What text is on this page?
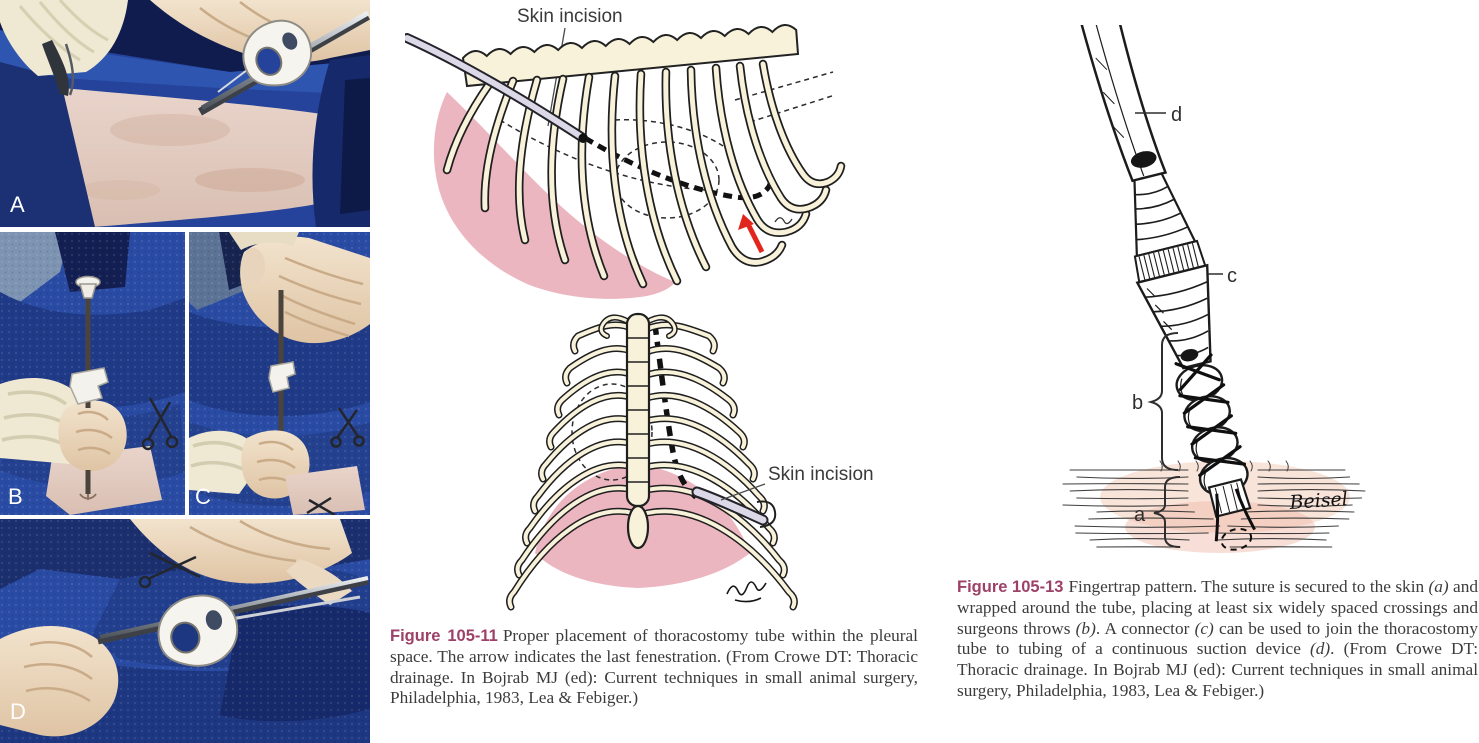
A
B	C
D
Skin incision
Skin incision
Figure 105-11 Proper placement of thoracostomy tube within the pleural space. The arrow indicates the last fenestration. (From Crowe DT: Thoracic drainage. In Bojrab MJ (ed): Current techniques in small animal surgery, Philadelphia, 1983, Lea & Febiger.)
d
c
b
a
Beisel
Figure 105-13 Fingertrap pattern. The suture is secured to the skin (a) and wrapped around the tube, placing at least six widely spaced crossings and surgeons throws (b). A connector (c) can be used to join the thoracostomy tube to tubing of a continuous suction device (d). (From Crowe DT: Thoracic drainage. In Bojrab MJ (ed): Current techniques in small animal surgery, Philadelphia, 1983, Lea & Febiger.)
